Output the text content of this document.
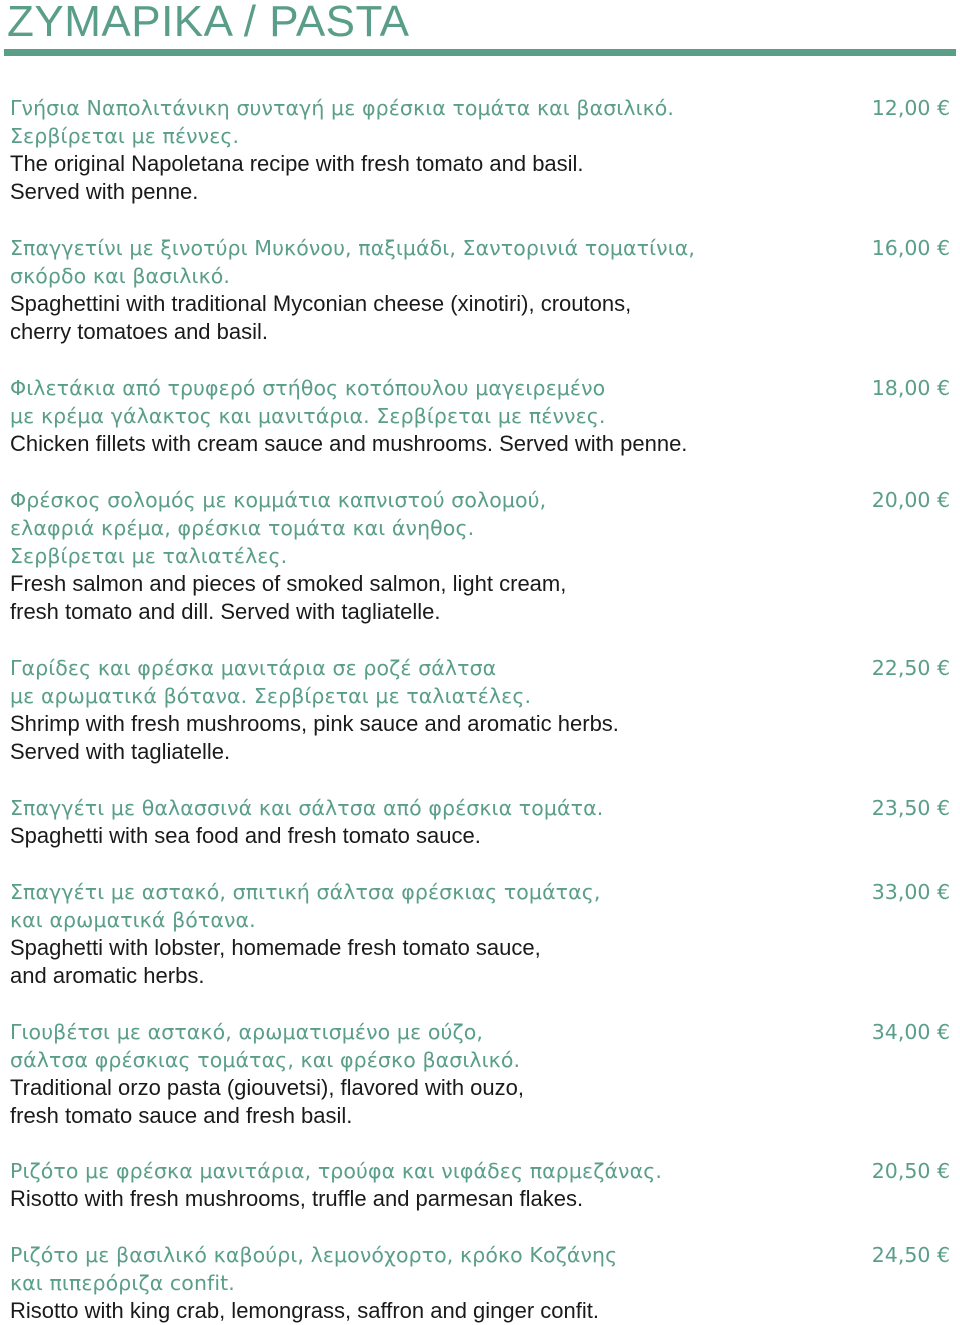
ΖΥΜΑΡΙΚΑ / PASTA
Γνήσια Ναπολιτάνικη συνταγή με φρέσκια τομάτα και βασιλικό.
Σερβίρεται με πέννες.
The original Napoletana recipe with fresh tomato and basil.
Served with penne.
12,00 €
Σπαγγετίνι με ξινοτύρι Μυκόνου, παξιμάδι, Σαντορινιά τοματίνια,
σκόρδο και βασιλικό.
Spaghettini with traditional Myconian cheese (xinotiri), croutons,
cherry tomatoes and basil.
16,00 €
Φιλετάκια από τρυφερό στήθος κοτόπουλου μαγειρεμένο
με κρέμα γάλακτος και μανιτάρια. Σερβίρεται με πέννες.
Chicken fillets with cream sauce and mushrooms. Served with penne.
18,00 €
Φρέσκος σολομός με κομμάτια καπνιστού σολομού,
ελαφριά κρέμα, φρέσκια τομάτα και άνηθος.
Σερβίρεται με ταλιατέλες.
Fresh salmon and pieces of smoked salmon, light cream,
fresh tomato and dill. Served with tagliatelle.
20,00 €
Γαρίδες και φρέσκα μανιτάρια σε ροζέ σάλτσα
με αρωματικά βότανα. Σερβίρεται με ταλιατέλες.
Shrimp with fresh mushrooms, pink sauce and aromatic herbs.
Served with tagliatelle.
22,50 €
Σπαγγέτι με θαλασσινά και σάλτσα από φρέσκια τομάτα.
Spaghetti with sea food and fresh tomato sauce.
23,50 €
Σπαγγέτι με αστακό, σπιτική σάλτσα φρέσκιας τομάτας,
και αρωματικά βότανα.
Spaghetti with lobster, homemade fresh tomato sauce,
and aromatic herbs.
33,00 €
Γιουβέτσι με αστακό, αρωματισμένο με ούζο,
σάλτσα φρέσκιας τομάτας, και φρέσκο βασιλικό.
Traditional orzo pasta (giouvetsi), flavored with ouzo,
fresh tomato sauce and fresh basil.
34,00 €
Ριζότο με φρέσκα μανιτάρια, τρούφα και νιφάδες παρμεζάνας.
Risotto with fresh mushrooms, truffle and parmesan flakes.
20,50 €
Ριζότο με βασιλικό καβούρι, λεμονόχορτο, κρόκο Κοζάνης
και πιπερόριζα confit.
Risotto with king crab, lemongrass, saffron and ginger confit.
24,50 €
